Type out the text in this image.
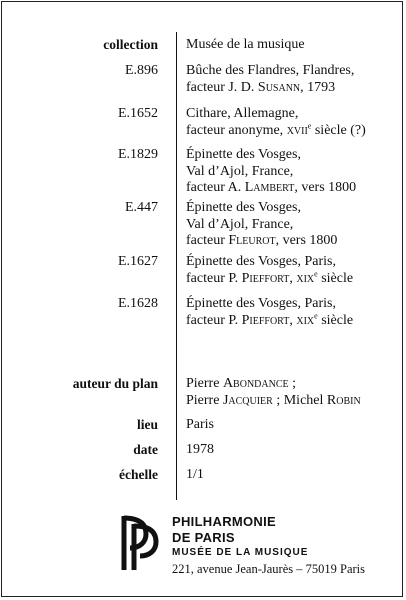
collection Musée de la musique
E.896 Bûche des Flandres, Flandres,
facteur J. D. Susann, 1793
E.1652 Cithare, Allemagne,
facteur anonyme, xvii$^e$ siècle (?)
E.1829 Épinette des Vosges,
Val d’Ajol, France,
facteur A. Lambert, vers 1800
E.447 Épinette des Vosges,
Val d’Ajol, France,
facteur Fleurot, vers 1800
E.1627 Épinette des Vosges, Paris,
facteur P. Pieffort, xix$^e$ siècle
E.1628 Épinette des Vosges, Paris,
facteur P. Pieffort, xix$^e$ siècle
auteur du plan Pierre Abondance ;
Pierre Jacquier ; Michel Robin
lieu Paris
date 1978
échelle 1/1
PHILHARMONIE
DE PARIS
MUSÉE DE LA MUSIQUE
221, avenue Jean-Jaurès – 75019 Paris
